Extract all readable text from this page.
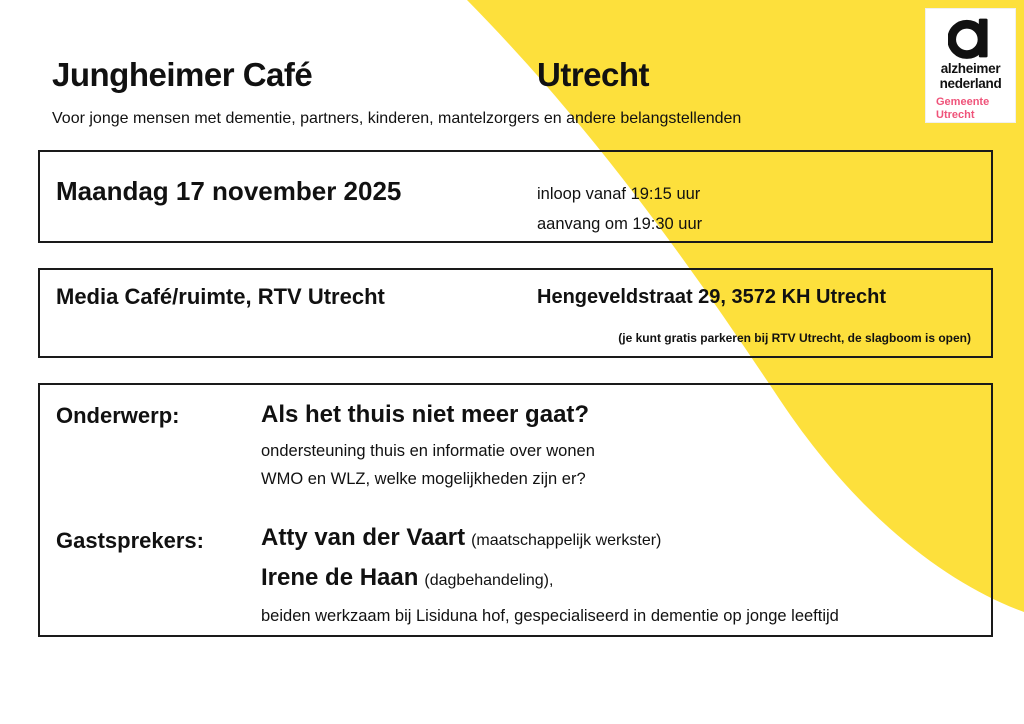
Jungheimer Café	Utrecht
Voor jonge mensen met dementie, partners, kinderen, mantelzorgers en andere belangstellenden
alzheimer
nederland
Gemeente
Utrecht
Maandag 17 november 2025	inloop vanaf 19:15 uur
aanvang om 19:30 uur
Media Café/ruimte, RTV Utrecht	Hengeveldstraat 29, 3572 KH Utrecht
(je kunt gratis parkeren bij RTV Utrecht, de slagboom is open)
Onderwerp:	Als het thuis niet meer gaat?
ondersteuning thuis en informatie over wonen
WMO en WLZ, welke mogelijkheden zijn er?
Gastsprekers: Atty van der Vaart (maatschappelijk werkster)
Irene de Haan (dagbehandeling),
beiden werkzaam bij Lisiduna hof, gespecialiseerd in dementie op jonge leeftijd
